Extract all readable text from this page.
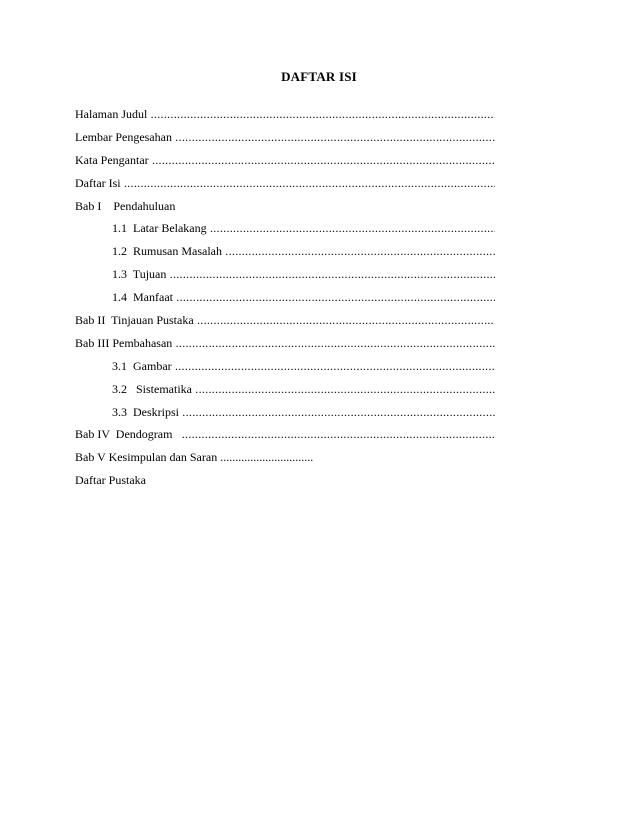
DAFTAR ISI
Halaman Judul .....
Lembar Pengesahan .....
Kata Pengantar .....
Daftar Isi .....
Bab I    Pendahuluan
1.1  Latar Belakang .....
1.2  Rumusan Masalah .....
1.3  Tujuan .....
1.4  Manfaat .....
Bab II  Tinjauan Pustaka .....
Bab III Pembahasan .....
3.1  Gambar .....
3.2   Sistematika .....
3.3  Deskripsi .....
Bab IV  Dendogram   .....
Bab V Kesimpulan dan Saran ...............................
Daftar Pustaka
